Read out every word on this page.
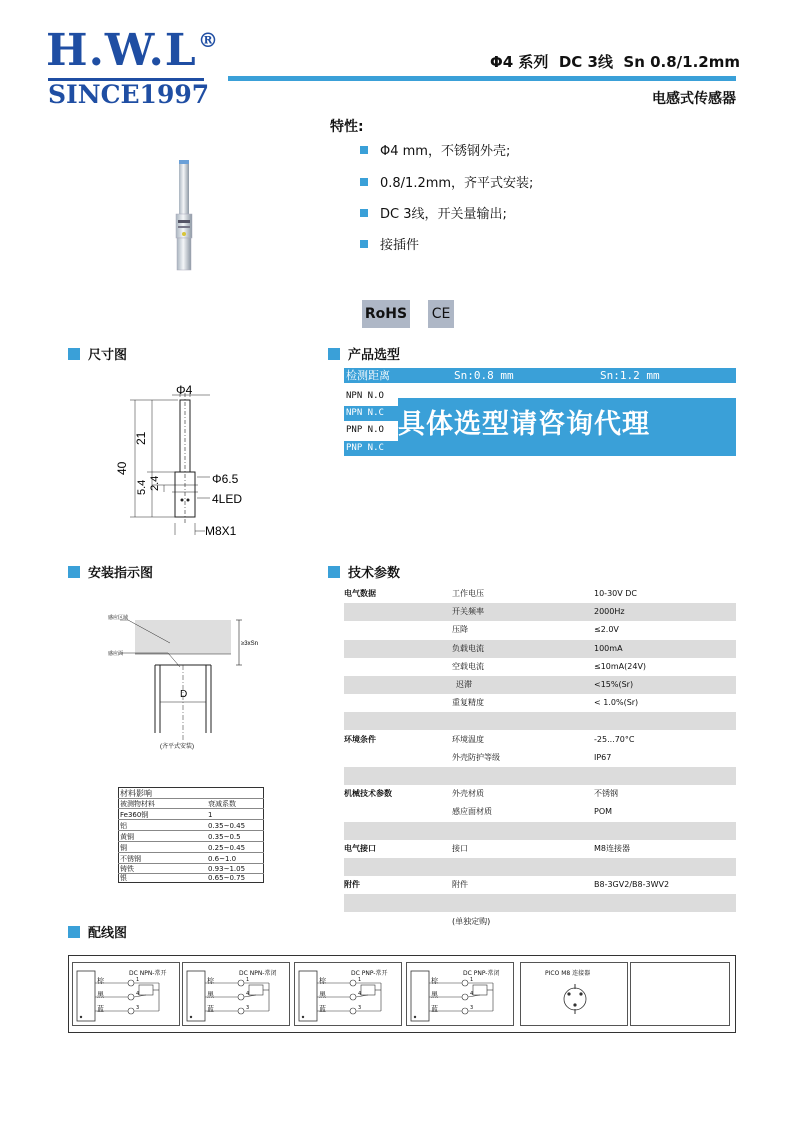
H.W.L ®
SINCE1997
Φ4 系列  DC 3线  Sn 0.8/1.2mm
电感式传感器
特性:
Φ4 mm，不锈钢外壳;
0.8/1.2mm，齐平式安装;
DC 3线，开关量输出;
接插件
RoHS CE
尺寸图	产品选型
安装指示图	技术参数
配线图
Φ4
40
21
2.4
5.4
Φ6.5
4LED
M8X1
检测距离	Sn:0.8 mm	Sn:1.2 mm
NPN N.O
NPN N.C
PNP N.O
PNP N.C
具体选型请咨询代理
感应区域
感应面
≥3xSn
D
(齐平式安装)
材料影响
被测物材料	衰减系数
Fe360钢	1
铝	0.35~0.45
黄铜	0.35~0.5
铜	0.25~0.45
不锈钢	0.6~1.0
铸铁	0.93~1.05
银	0.65~0.75
电气数据	工作电压	10-30V DC
开关频率	2000Hz
压降	≤2.0V
负载电流	100mA
空载电流	≤10mA(24V)
迟滞	<15%(Sr)
重复精度	< 1.0%(Sr)
环境条件	环境温度	-25...70°C
外壳防护等级	IP67
机械技术参数	外壳材质	不锈钢
感应面材质	POM
电气接口	接口	M8连接器
附件	附件	B8-3GV2/B8-3WV2
(单独定购)
DC NPN-常开
棕	1
黑	4
蓝	3
DC NPN-常闭
棕	1
黑	4
蓝	3
DC PNP-常开
棕	1
黑	4
蓝	3
DC PNP-常闭
棕	1
黑	4
蓝	3
PICO M8 连接器
